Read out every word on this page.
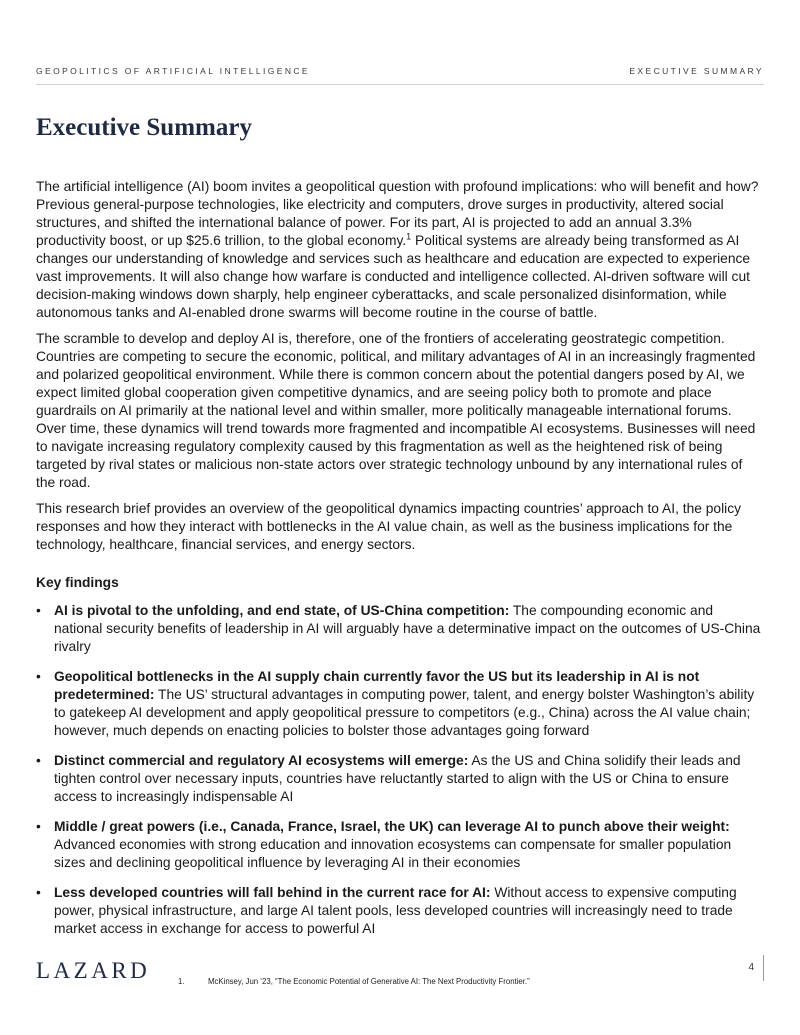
GEOPOLITICS OF ARTIFICIAL INTELLIGENCE	EXECUTIVE SUMMARY
Executive Summary

The artificial intelligence (AI) boom invites a geopolitical question with profound implications: who will benefit and how? Previous general-purpose technologies, like electricity and computers, drove surges in productivity, altered social structures, and shifted the international balance of power. For its part, AI is projected to add an annual 3.3% productivity boost, or up $25.6 trillion, to the global economy.$^1$ Political systems are already being transformed as AI changes our understanding of knowledge and services such as healthcare and education are expected to experience vast improvements. It will also change how warfare is conducted and intelligence collected. AI-driven software will cut decision-making windows down sharply, help engineer cyberattacks, and scale personalized disinformation, while autonomous tanks and AI-enabled drone swarms will become routine in the course of battle.

The scramble to develop and deploy AI is, therefore, one of the frontiers of accelerating geostrategic competition. Countries are competing to secure the economic, political, and military advantages of AI in an increasingly fragmented and polarized geopolitical environment. While there is common concern about the potential dangers posed by AI, we expect limited global cooperation given competitive dynamics, and are seeing policy both to promote and place guardrails on AI primarily at the national level and within smaller, more politically manageable international forums. Over time, these dynamics will trend towards more fragmented and incompatible AI ecosystems. Businesses will need to navigate increasing regulatory complexity caused by this fragmentation as well as the heightened risk of being targeted by rival states or malicious non-state actors over strategic technology unbound by any international rules of the road.

This research brief provides an overview of the geopolitical dynamics impacting countries’ approach to AI, the policy responses and how they interact with bottlenecks in the AI value chain, as well as the business implications for the technology, healthcare, financial services, and energy sectors.

Key findings
• AI is pivotal to the unfolding, and end state, of US-China competition: The compounding economic and national security benefits of leadership in AI will arguably have a determinative impact on the outcomes of US-China rivalry
• Geopolitical bottlenecks in the AI supply chain currently favor the US but its leadership in AI is not predetermined: The US’ structural advantages in computing power, talent, and energy bolster Washington’s ability to gatekeep AI development and apply geopolitical pressure to competitors (e.g., China) across the AI value chain; however, much depends on enacting policies to bolster those advantages going forward
• Distinct commercial and regulatory AI ecosystems will emerge: As the US and China solidify their leads and tighten control over necessary inputs, countries have reluctantly started to align with the US or China to ensure access to increasingly indispensable AI
• Middle / great powers (i.e., Canada, France, Israel, the UK) can leverage AI to punch above their weight: Advanced economies with strong education and innovation ecosystems can compensate for smaller population sizes and declining geopolitical influence by leveraging AI in their economies
• Less developed countries will fall behind in the current race for AI: Without access to expensive computing power, physical infrastructure, and large AI talent pools, less developed countries will increasingly need to trade market access in exchange for access to powerful AI
LAZARD	1.	McKinsey, Jun ‘23, “The Economic Potential of Generative AI: The Next Productivity Frontier.”
4
